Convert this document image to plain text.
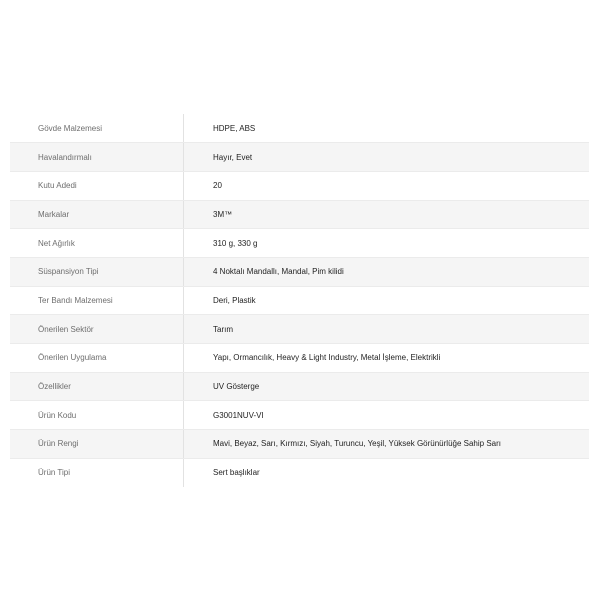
Gövde Malzemesi	HDPE, ABS
Havalandırmalı	Hayır, Evet
Kutu Adedi	20
Markalar	3M™
Net Ağırlık	310 g, 330 g
Süspansiyon Tipi	4 Noktalı Mandallı, Mandal, Pim kilidi
Ter Bandı Malzemesi	Deri, Plastik
Önerilen Sektör	Tarım
Önerilen Uygulama	Yapı, Ormancılık, Heavy & Light Industry, Metal İşleme, Elektrikli
Özellikler	UV Gösterge
Ürün Kodu	G3001NUV-VI
Ürün Rengi	Mavi, Beyaz, Sarı, Kırmızı, Siyah, Turuncu, Yeşil, Yüksek Görünürlüğe Sahip Sarı
Ürün Tipi	Sert başlıklar
